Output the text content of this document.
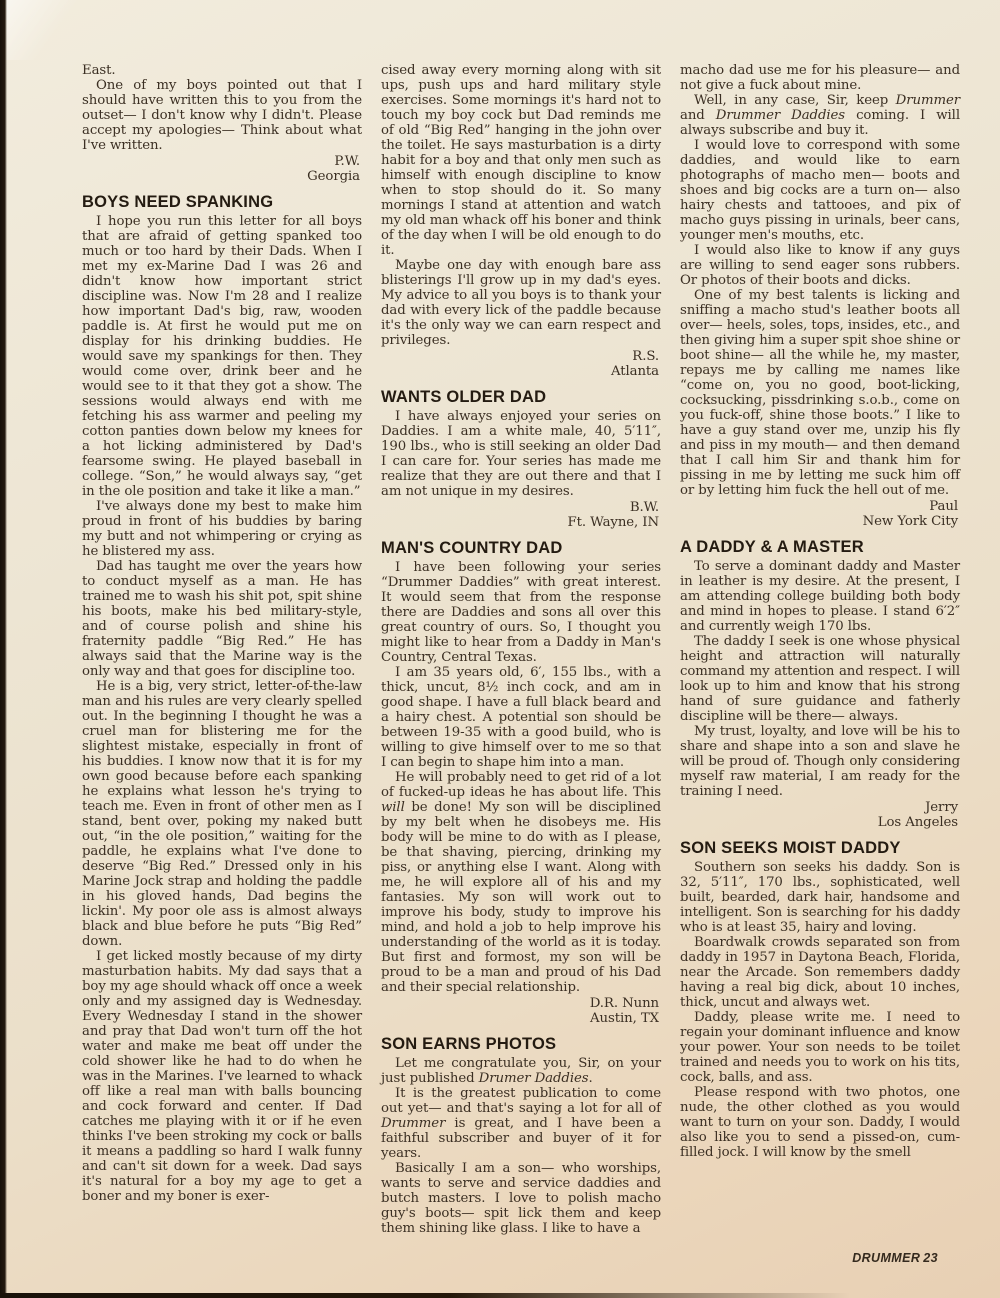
East.

One of my boys pointed out that I should have written this to you from the outset— I don't know why I didn't. Please accept my apologies— Think about what I've written.

P.W.
Georgia
BOYS NEED SPANKING

I hope you run this letter for all boys that are afraid of getting spanked too much or too hard by their Dads. When I met my ex-Marine Dad I was 26 and didn't know how important strict discipline was. Now I'm 28 and I realize how important Dad's big, raw, wooden paddle is. At first he would put me on display for his drinking buddies. He would save my spankings for then. They would come over, drink beer and he would see to it that they got a show. The sessions would always end with me fetching his ass warmer and peeling my cotton panties down below my knees for a hot licking administered by Dad's fearsome swing. He played baseball in college. “Son,” he would always say, “get in the ole position and take it like a man.”

I've always done my best to make him proud in front of his buddies by baring my butt and not whimpering or crying as he blistered my ass.

Dad has taught me over the years how to conduct myself as a man. He has trained me to wash his shit pot, spit shine his boots, make his bed military-style, and of course polish and shine his fraternity paddle “Big Red.” He has always said that the Marine way is the only way and that goes for discipline too.

He is a big, very strict, letter-of-the-law man and his rules are very clearly spelled out. In the beginning I thought he was a cruel man for blistering me for the slightest mistake, especially in front of his buddies. I know now that it is for my own good because before each spanking he explains what lesson he's trying to teach me. Even in front of other men as I stand, bent over, poking my naked butt out, “in the ole position,” waiting for the paddle, he explains what I've done to deserve “Big Red.” Dressed only in his Marine Jock strap and holding the paddle in his gloved hands, Dad begins the lickin'. My poor ole ass is almost always black and blue before he puts “Big Red” down.

I get licked mostly because of my dirty masturbation habits. My dad says that a boy my age should whack off once a week only and my assigned day is Wednesday. Every Wednesday I stand in the shower and pray that Dad won't turn off the hot water and make me beat off under the cold shower like he had to do when he was in the Marines. I've learned to whack off like a real man with balls bouncing and cock forward and center. If Dad catches me playing with it or if he even thinks I've been stroking my cock or balls it means a paddling so hard I walk funny and can't sit down for a week. Dad says it's natural for a boy my age to get a boner and my boner is exer-

cised away every morning along with sit ups, push ups and hard military style exercises. Some mornings it's hard not to touch my boy cock but Dad reminds me of old “Big Red” hanging in the john over the toilet. He says masturbation is a dirty habit for a boy and that only men such as himself with enough discipline to know when to stop should do it. So many mornings I stand at attention and watch my old man whack off his boner and think of the day when I will be old enough to do it.

Maybe one day with enough bare ass blisterings I'll grow up in my dad's eyes. My advice to all you boys is to thank your dad with every lick of the paddle because it's the only way we can earn respect and privileges.

R.S.
Atlanta
WANTS OLDER DAD

I have always enjoyed your series on Daddies. I am a white male, 40, 5′11″, 190 lbs., who is still seeking an older Dad I can care for. Your series has made me realize that they are out there and that I am not unique in my desires.

B.W.
Ft. Wayne, IN
MAN'S COUNTRY DAD

I have been following your series “Drummer Daddies” with great interest. It would seem that from the response there are Daddies and sons all over this great country of ours. So, I thought you might like to hear from a Daddy in Man's Country, Central Texas.

I am 35 years old, 6′, 155 lbs., with a thick, uncut, 8½ inch cock, and am in good shape. I have a full black beard and a hairy chest. A potential son should be between 19-35 with a good build, who is willing to give himself over to me so that I can begin to shape him into a man.

He will probably need to get rid of a lot of fucked-up ideas he has about life. This will be done! My son will be disciplined by my belt when he disobeys me. His body will be mine to do with as I please, be that shaving, piercing, drinking my piss, or anything else I want. Along with me, he will explore all of his and my fantasies. My son will work out to improve his body, study to improve his mind, and hold a job to help improve his understanding of the world as it is today. But first and formost, my son will be proud to be a man and proud of his Dad and their special relationship.

D.R. Nunn
Austin, TX
SON EARNS PHOTOS

Let me congratulate you, Sir, on your just published Drumer Daddies.

It is the greatest publication to come out yet— and that's saying a lot for all of Drummer is great, and I have been a faithful subscriber and buyer of it for years.

Basically I am a son— who worships, wants to serve and service daddies and butch masters. I love to polish macho guy's boots— spit lick them and keep them shining like glass. I like to have a

macho dad use me for his pleasure— and not give a fuck about mine.

Well, in any case, Sir, keep Drummer and Drummer Daddies coming. I will always subscribe and buy it.

I would love to correspond with some daddies, and would like to earn photographs of macho men— boots and shoes and big cocks are a turn on— also hairy chests and tattooes, and pix of macho guys pissing in urinals, beer cans, younger men's mouths, etc.

I would also like to know if any guys are willing to send eager sons rubbers. Or photos of their boots and dicks.

One of my best talents is licking and sniffing a macho stud's leather boots all over— heels, soles, tops, insides, etc., and then giving him a super spit shoe shine or boot shine— all the while he, my master, repays me by calling me names like “come on, you no good, boot-licking, cocksucking, pissdrinking s.o.b., come on you fuck-off, shine those boots.” I like to have a guy stand over me, unzip his fly and piss in my mouth— and then demand that I call him Sir and thank him for pissing in me by letting me suck him off or by letting him fuck the hell out of me.

Paul
New York City
A DADDY & A MASTER

To serve a dominant daddy and Master in leather is my desire. At the present, I am attending college building both body and mind in hopes to please. I stand 6′2″ and currently weigh 170 lbs.

The daddy I seek is one whose physical height and attraction will naturally command my attention and respect. I will look up to him and know that his strong hand of sure guidance and fatherly discipline will be there— always.

My trust, loyalty, and love will be his to share and shape into a son and slave he will be proud of. Though only considering myself raw material, I am ready for the training I need.

Jerry
Los Angeles
SON SEEKS MOIST DADDY

Southern son seeks his daddy. Son is 32, 5′11″, 170 lbs., sophisticated, well built, bearded, dark hair, handsome and intelligent. Son is searching for his daddy who is at least 35, hairy and loving.

Boardwalk crowds separated son from daddy in 1957 in Daytona Beach, Florida, near the Arcade. Son remembers daddy having a real big dick, about 10 inches, thick, uncut and always wet.

Daddy, please write me. I need to regain your dominant influence and know your power. Your son needs to be toilet trained and needs you to work on his tits, cock, balls, and ass.

Please respond with two photos, one nude, the other clothed as you would want to turn on your son. Daddy, I would also like you to send a pissed-on, cum-filled jock. I will know by the smell

DRUMMER 23
